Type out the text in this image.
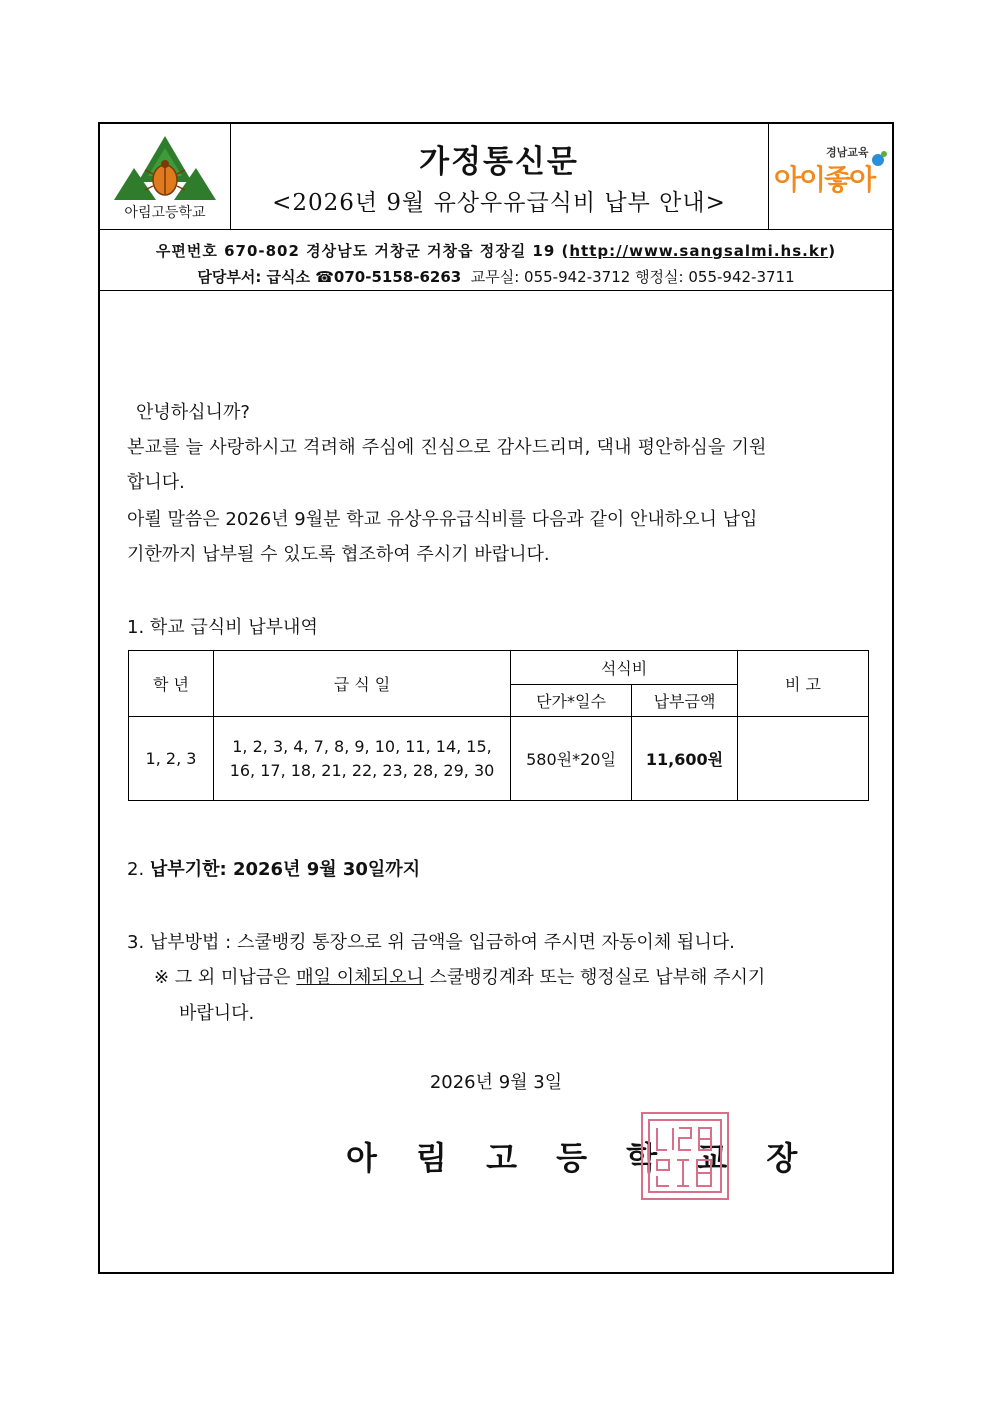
아림고등학교
가정통신문
<2026년 9월 유상우유급식비 납부 안내>
경남교육
아이좋아
우편번호 670-802 경상남도 거창군 거창읍 정장길 19 (http://www.sangsalmi.hs.kr)
담당부서: 급식소 ☎070-5158-6263 교무실: 055-942-3712 행정실: 055-942-3711
안녕하십니까?
본교를 늘 사랑하시고 격려해 주심에 진심으로 감사드리며, 댁내 평안하심을 기원
합니다.
아뢸 말씀은 2026년 9월분 학교 유상우유급식비를 다음과 같이 안내하오니 납입
기한까지 납부될 수 있도록 협조하여 주시기 바랍니다.
1. 학교 급식비 납부내역
학 년	급 식 일	석식비		비 고
		단가*일수	납부금액	
1, 2, 3	1, 2, 3, 4, 7, 8, 9, 10, 11, 14, 15,
16, 17, 18, 21, 22, 23, 28, 29, 30	580원*20일	11,600원	
2. 납부기한: 2026년 9월 30일까지
3. 납부방법 : 스쿨뱅킹 통장으로 위 금액을 입금하여 주시면 자동이체 됩니다.
※ 그 외 미납금은 매일 이체되오니 스쿨뱅킹계좌 또는 행정실로 납부해 주시기
바랍니다.
2026년 9월 3일
아 림 고 등 학 교 장
